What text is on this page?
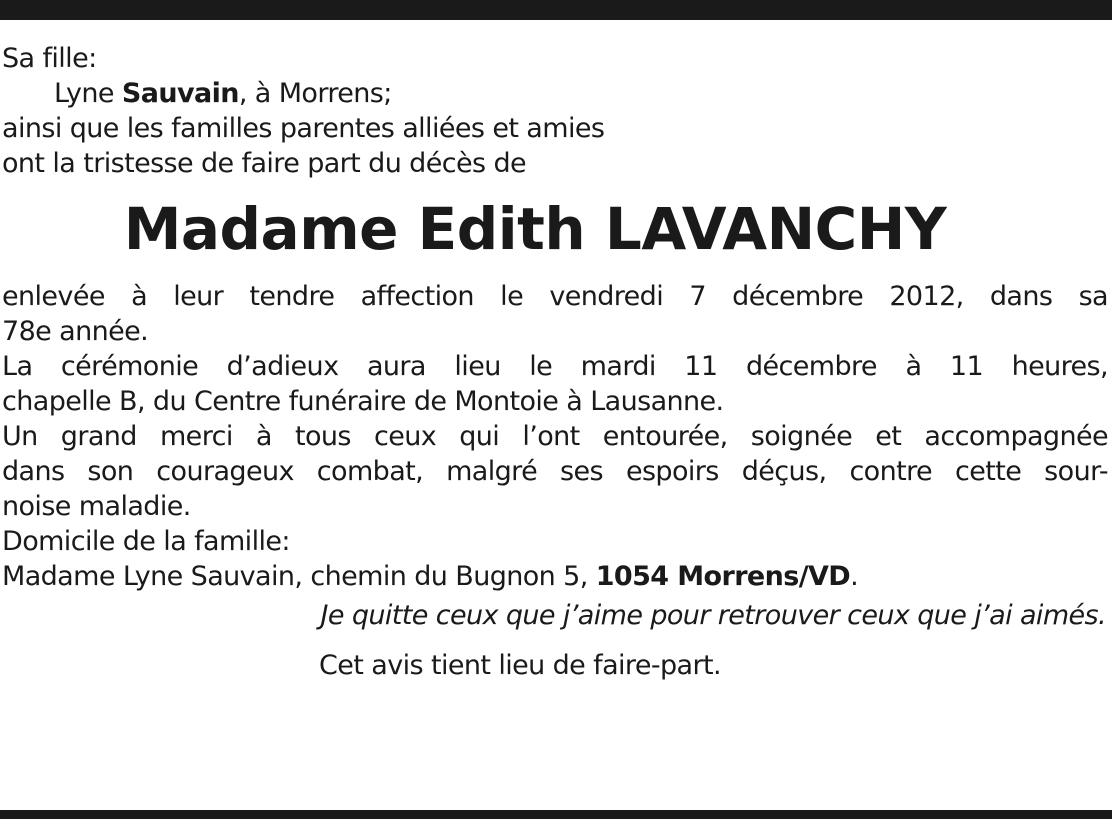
Sa fille:
Lyne Sauvain, à Morrens;
ainsi que les familles parentes alliées et amies
ont la tristesse de faire part du décès de
Madame Edith LAVANCHY
enlevée à leur tendre affection le vendredi 7 décembre 2012, dans sa
78e année.
La cérémonie d’adieux aura lieu le mardi 11 décembre à 11 heures,
chapelle B, du Centre funéraire de Montoie à Lausanne.
Un grand merci à tous ceux qui l’ont entourée, soignée et accompagnée
dans son courageux combat, malgré ses espoirs déçus, contre cette sour-
noise maladie.
Domicile de la famille:
Madame Lyne Sauvain, chemin du Bugnon 5, 1054 Morrens/VD.
Je quitte ceux que j’aime pour retrouver ceux que j’ai aimés.
Cet avis tient lieu de faire-part.
